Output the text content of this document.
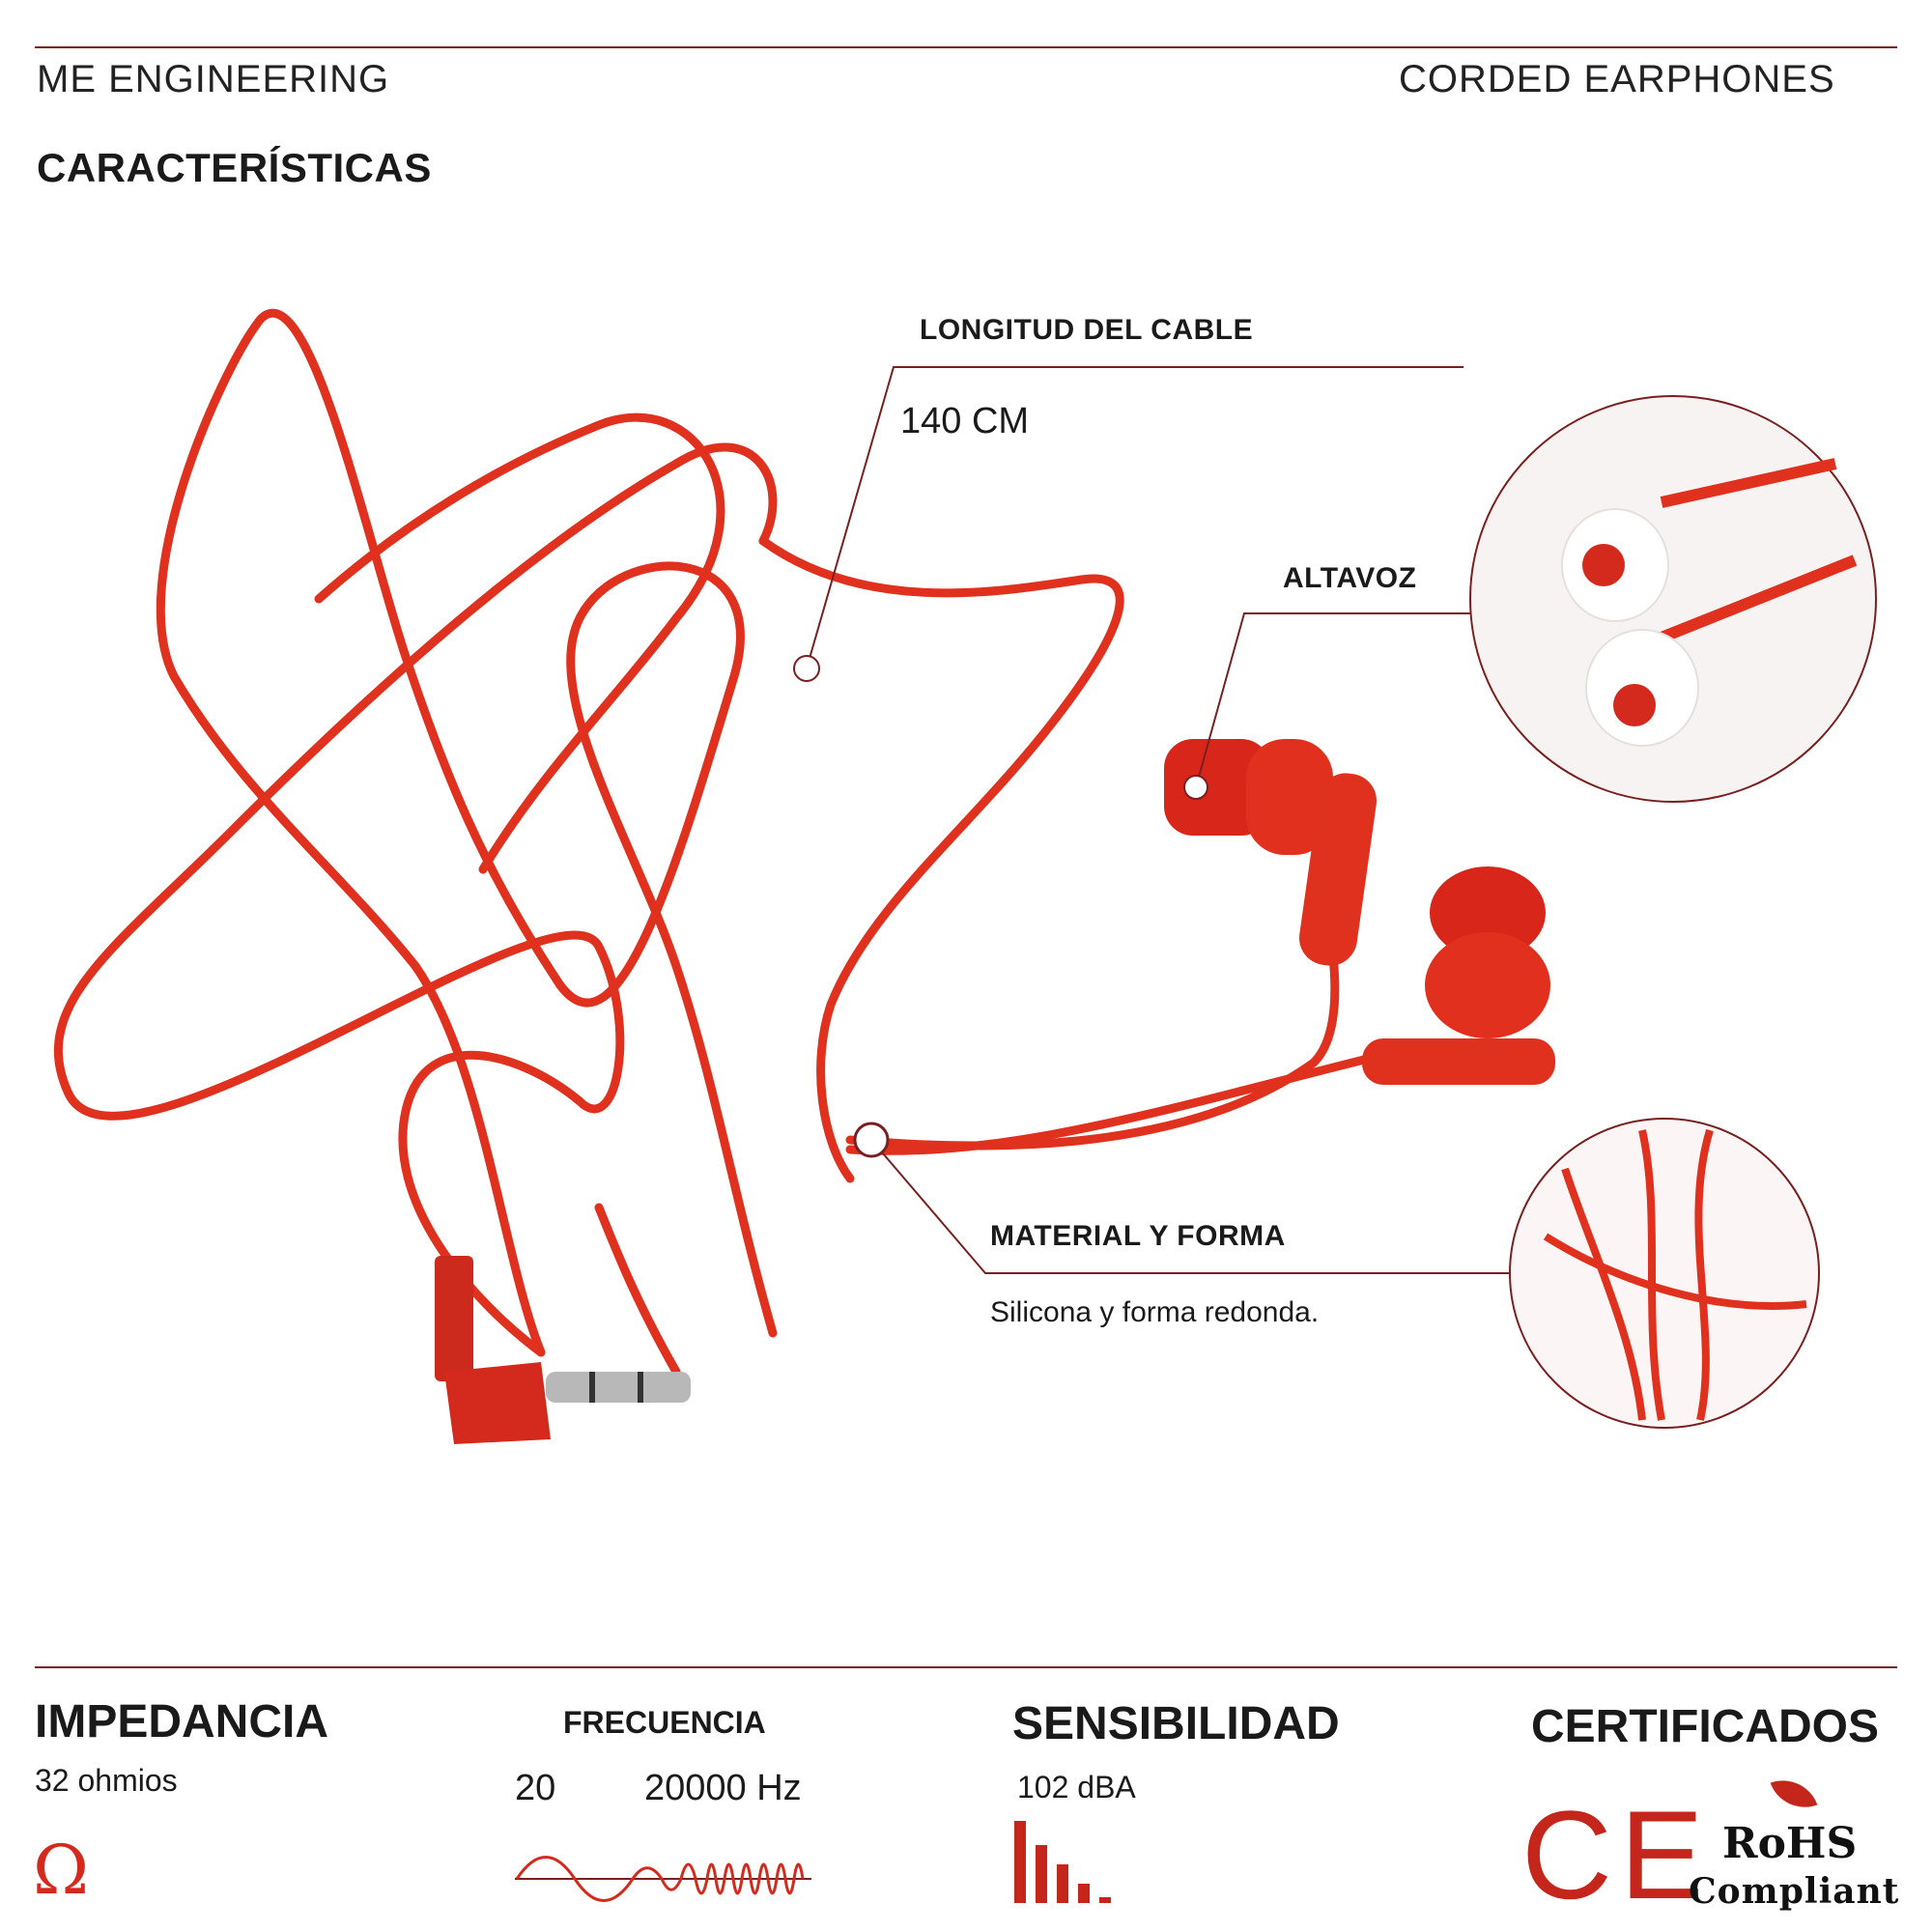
ME ENGINEERING	CORDED EARPHONES
CARACTERÍSTICAS
LONGITUD DEL CABLE
140 CM
ALTAVOZ
MATERIAL Y FORMA
Silicona y forma redonda.
IMPEDANCIA
32 ohmios
Ω
FRECUENCIA
20 20000 Hz
SENSIBILIDAD
102 dBA
CERTIFICADOS
CE RoHS
Compliant
